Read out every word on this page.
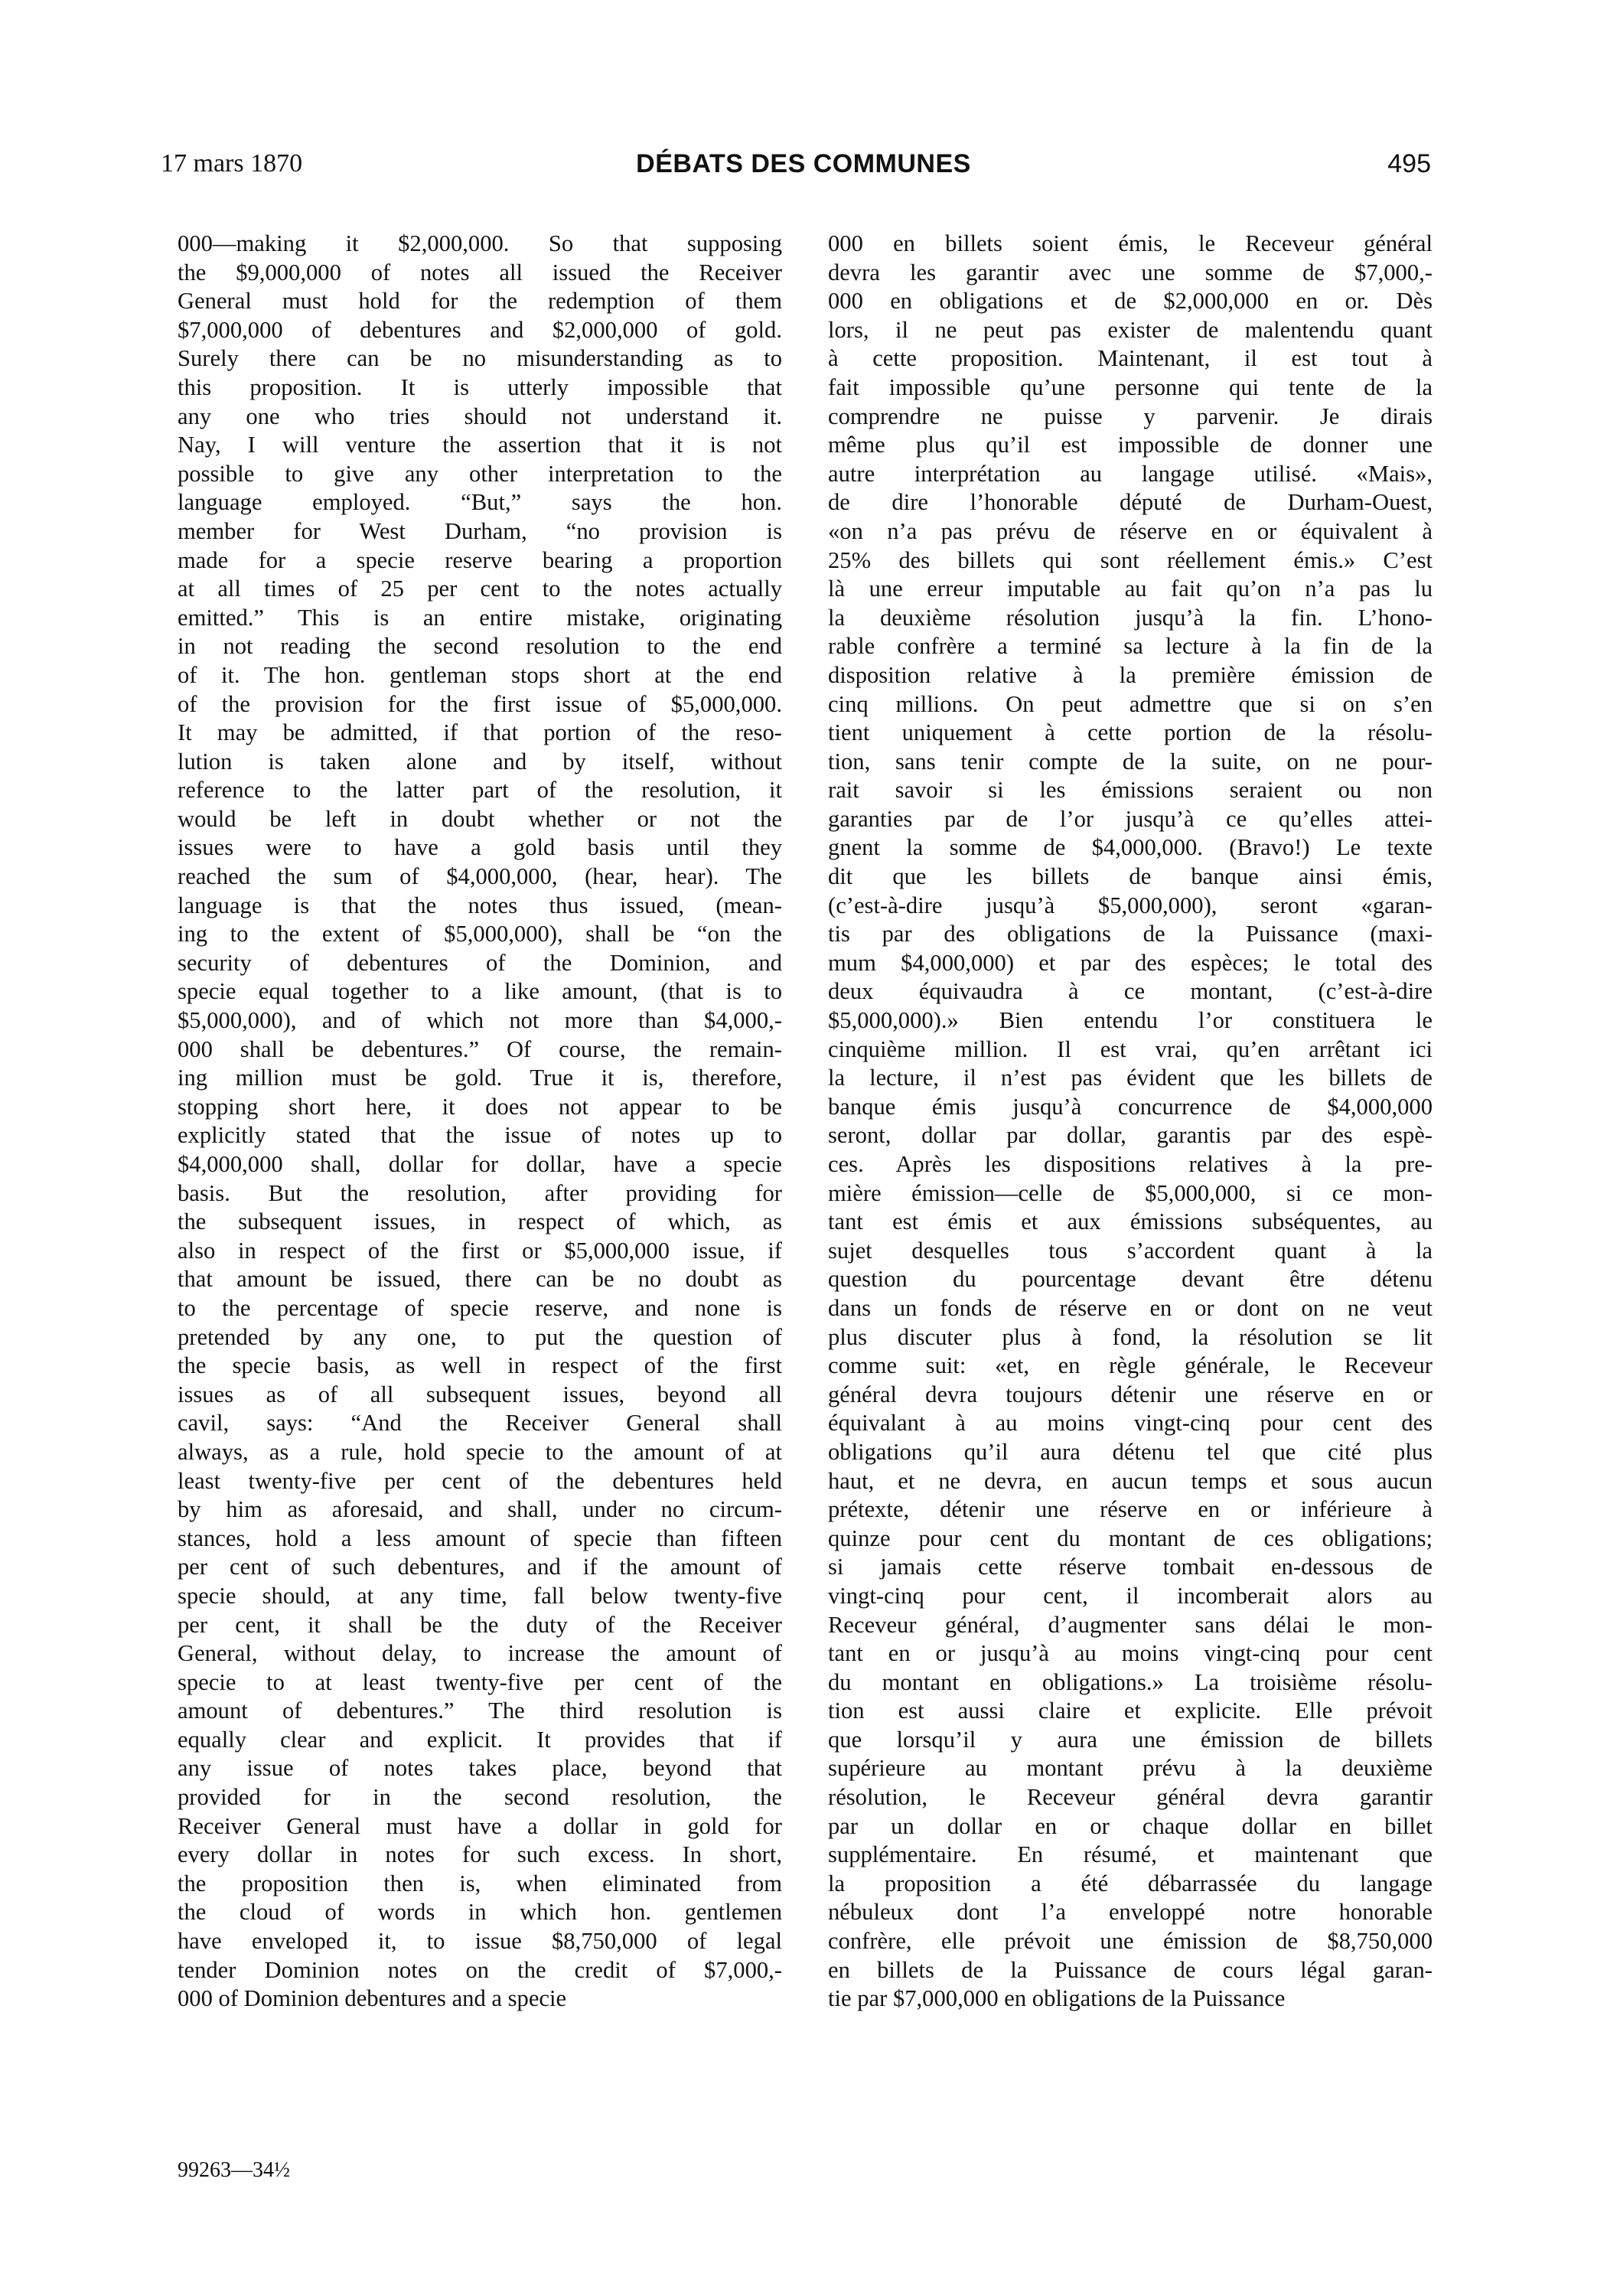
17 mars 1870	DÉBATS DES COMMUNES	495
000—making it $2,000,000. So that supposing
the $9,000,000 of notes all issued the Receiver
General must hold for the redemption of them
$7,000,000 of debentures and $2,000,000 of gold.
Surely there can be no misunderstanding as to
this proposition. It is utterly impossible that
any one who tries should not understand it.
Nay, I will venture the assertion that it is not
possible to give any other interpretation to the
language employed. “But,” says the hon.
member for West Durham, “no provision is
made for a specie reserve bearing a proportion
at all times of 25 per cent to the notes actually
emitted.” This is an entire mistake, originating
in not reading the second resolution to the end
of it. The hon. gentleman stops short at the end
of the provision for the first issue of $5,000,000.
It may be admitted, if that portion of the reso-
lution is taken alone and by itself, without
reference to the latter part of the resolution, it
would be left in doubt whether or not the
issues were to have a gold basis until they
reached the sum of $4,000,000, (hear, hear). The
language is that the notes thus issued, (mean-
ing to the extent of $5,000,000), shall be “on the
security of debentures of the Dominion, and
specie equal together to a like amount, (that is to
$5,000,000), and of which not more than $4,000,-
000 shall be debentures.” Of course, the remain-
ing million must be gold. True it is, therefore,
stopping short here, it does not appear to be
explicitly stated that the issue of notes up to
$4,000,000 shall, dollar for dollar, have a specie
basis. But the resolution, after providing for
the subsequent issues, in respect of which, as
also in respect of the first or $5,000,000 issue, if
that amount be issued, there can be no doubt as
to the percentage of specie reserve, and none is
pretended by any one, to put the question of
the specie basis, as well in respect of the first
issues as of all subsequent issues, beyond all
cavil, says: “And the Receiver General shall
always, as a rule, hold specie to the amount of at
least twenty-five per cent of the debentures held
by him as aforesaid, and shall, under no circum-
stances, hold a less amount of specie than fifteen
per cent of such debentures, and if the amount of
specie should, at any time, fall below twenty-five
per cent, it shall be the duty of the Receiver
General, without delay, to increase the amount of
specie to at least twenty-five per cent of the
amount of debentures.” The third resolution is
equally clear and explicit. It provides that if
any issue of notes takes place, beyond that
provided for in the second resolution, the
Receiver General must have a dollar in gold for
every dollar in notes for such excess. In short,
the proposition then is, when eliminated from
the cloud of words in which hon. gentlemen
have enveloped it, to issue $8,750,000 of legal
tender Dominion notes on the credit of $7,000,-
000 of Dominion debentures and a specie
000 en billets soient émis, le Receveur général
devra les garantir avec une somme de $7,000,-
000 en obligations et de $2,000,000 en or. Dès
lors, il ne peut pas exister de malentendu quant
à cette proposition. Maintenant, il est tout à
fait impossible qu’une personne qui tente de la
comprendre ne puisse y parvenir. Je dirais
même plus qu’il est impossible de donner une
autre interprétation au langage utilisé. «Mais»,
de dire l’honorable député de Durham-Ouest,
«on n’a pas prévu de réserve en or équivalent à
25% des billets qui sont réellement émis.» C’est
là une erreur imputable au fait qu’on n’a pas lu
la deuxième résolution jusqu’à la fin. L’hono-
rable confrère a terminé sa lecture à la fin de la
disposition relative à la première émission de
cinq millions. On peut admettre que si on s’en
tient uniquement à cette portion de la résolu-
tion, sans tenir compte de la suite, on ne pour-
rait savoir si les émissions seraient ou non
garanties par de l’or jusqu’à ce qu’elles attei-
gnent la somme de $4,000,000. (Bravo!) Le texte
dit que les billets de banque ainsi émis,
(c’est-à-dire jusqu’à $5,000,000), seront «garan-
tis par des obligations de la Puissance (maxi-
mum $4,000,000) et par des espèces; le total des
deux équivaudra à ce montant, (c’est-à-dire
$5,000,000).» Bien entendu l’or constituera le
cinquième million. Il est vrai, qu’en arrêtant ici
la lecture, il n’est pas évident que les billets de
banque émis jusqu’à concurrence de $4,000,000
seront, dollar par dollar, garantis par des espè-
ces. Après les dispositions relatives à la pre-
mière émission—celle de $5,000,000, si ce mon-
tant est émis et aux émissions subséquentes, au
sujet desquelles tous s’accordent quant à la
question du pourcentage devant être détenu
dans un fonds de réserve en or dont on ne veut
plus discuter plus à fond, la résolution se lit
comme suit: «et, en règle générale, le Receveur
général devra toujours détenir une réserve en or
équivalant à au moins vingt-cinq pour cent des
obligations qu’il aura détenu tel que cité plus
haut, et ne devra, en aucun temps et sous aucun
prétexte, détenir une réserve en or inférieure à
quinze pour cent du montant de ces obligations;
si jamais cette réserve tombait en-dessous de
vingt-cinq pour cent, il incomberait alors au
Receveur général, d’augmenter sans délai le mon-
tant en or jusqu’à au moins vingt-cinq pour cent
du montant en obligations.» La troisième résolu-
tion est aussi claire et explicite. Elle prévoit
que lorsqu’il y aura une émission de billets
supérieure au montant prévu à la deuxième
résolution, le Receveur général devra garantir
par un dollar en or chaque dollar en billet
supplémentaire. En résumé, et maintenant que
la proposition a été débarrassée du langage
nébuleux dont l’a enveloppé notre honorable
confrère, elle prévoit une émission de $8,750,000
en billets de la Puissance de cours légal garan-
tie par $7,000,000 en obligations de la Puissance
99263—34½
